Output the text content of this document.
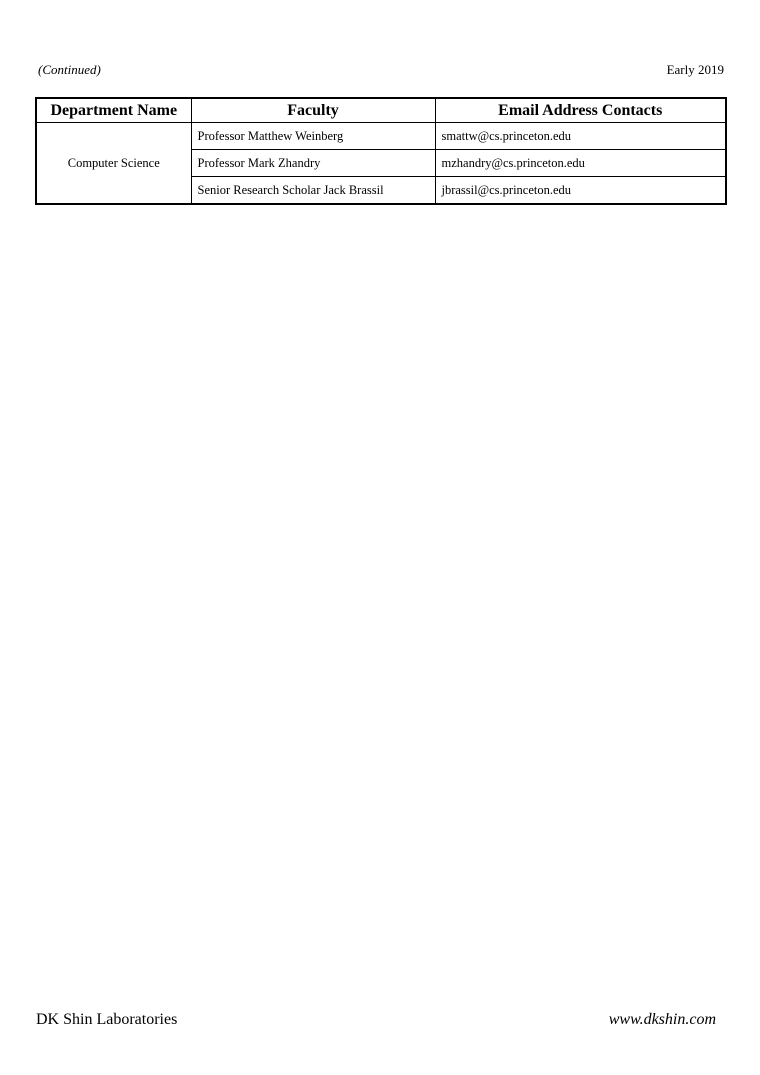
(Continued)	Early 2019
Department Name	Faculty	Email Address Contacts
Computer Science	Professor Matthew Weinberg	smattw@cs.princeton.edu
	Professor Mark Zhandry	mzhandry@cs.princeton.edu
	Senior Research Scholar Jack Brassil	jbrassil@cs.princeton.edu
DK Shin Laboratories	www.dkshin.com
